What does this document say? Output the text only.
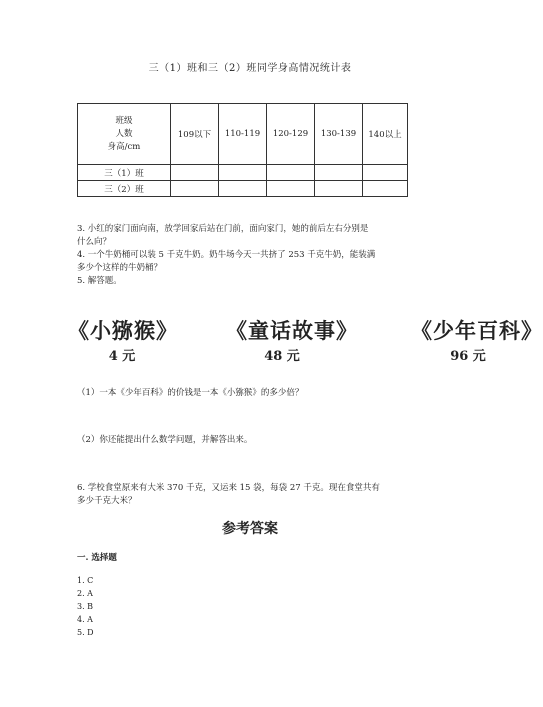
三（1）班和三（2）班同学身高情况统计表
班级
人数
身高/cm	109以下	110-119	120-129	130-139	140以上
三（1）班					
三（2）班					
3. 小红的家门面向南，放学回家后站在门前，面向家门，她的前后左右分别是
什么向？
4. 一个牛奶桶可以装 5 千克牛奶。奶牛场今天一共挤了 253 千克牛奶，能装满
多少个这样的牛奶桶？
5. 解答题。
《小猕猴》
4 元
《童话故事》
48 元
《少年百科》
96 元
（1）一本《少年百科》的价钱是一本《小猕猴》的多少倍？
（2）你还能提出什么数学问题，并解答出来。
6. 学校食堂原来有大米 370 千克，又运来 15 袋，每袋 27 千克。现在食堂共有
多少千克大米？
参考答案
一. 选择题
1. C
2. A
3. B
4. A
5. D
